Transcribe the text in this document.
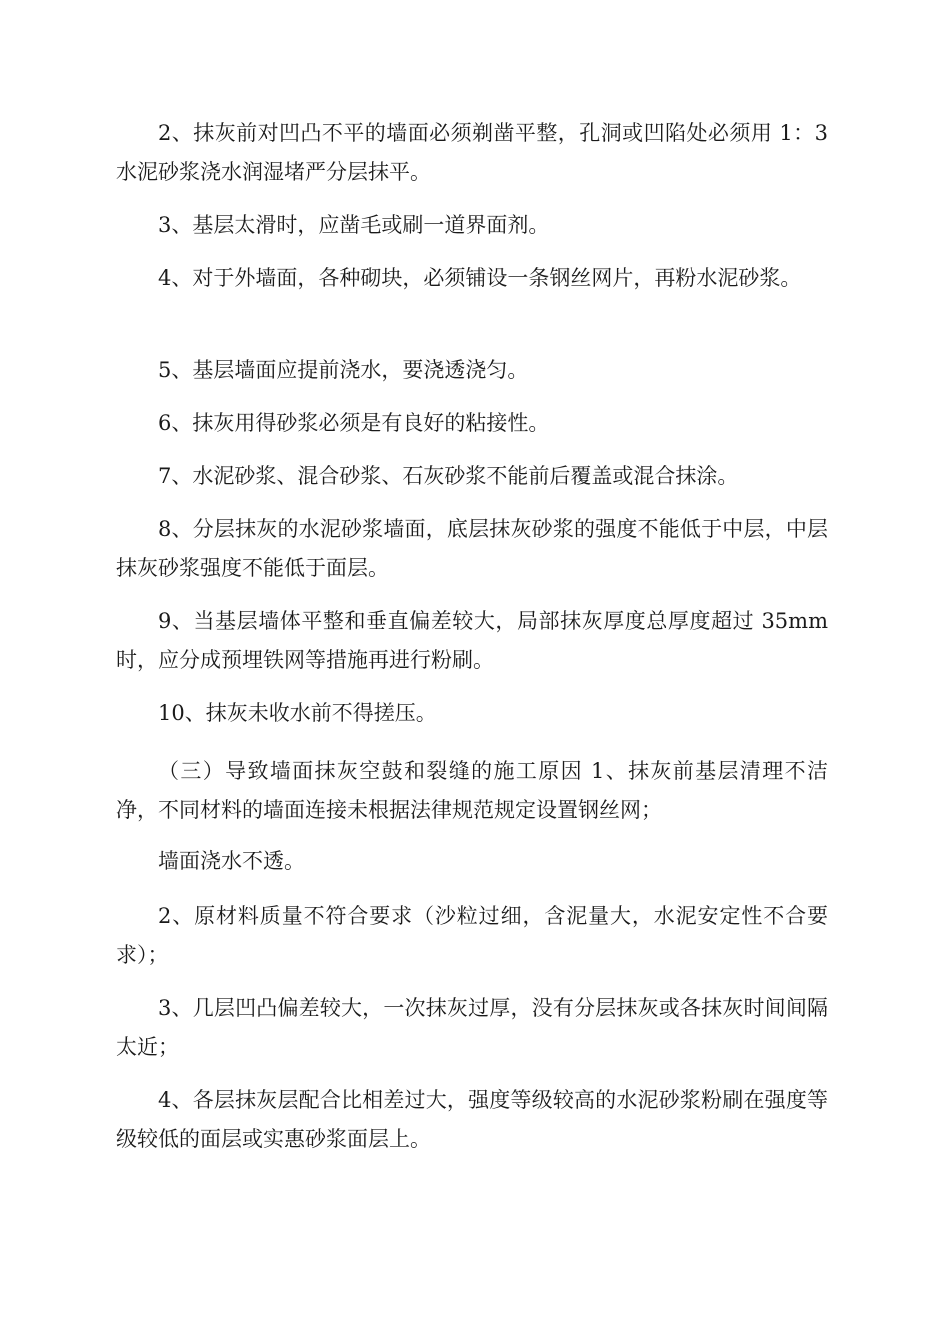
2、抹灰前对凹凸不平的墙面必须剃凿平整，孔洞或凹陷处必须用 1：3 水泥砂浆浇水润湿堵严分层抹平。

3、基层太滑时，应凿毛或刷一道界面剂。

4、对于外墙面，各种砌块，必须铺设一条钢丝网片，再粉水泥砂浆。

5、基层墙面应提前浇水，要浇透浇匀。

6、抹灰用得砂浆必须是有良好的粘接性。

7、水泥砂浆、混合砂浆、石灰砂浆不能前后覆盖或混合抹涂。

8、分层抹灰的水泥砂浆墙面，底层抹灰砂浆的强度不能低于中层，中层抹灰砂浆强度不能低于面层。

9、当基层墙体平整和垂直偏差较大，局部抹灰厚度总厚度超过 35mm 时，应分成预埋铁网等措施再进行粉刷。

10、抹灰未收水前不得搓压。

（三）导致墙面抹灰空鼓和裂缝的施工原因 1、抹灰前基层清理不洁净，不同材料的墙面连接未根据法律规范规定设置钢丝网；

墙面浇水不透。

2、原材料质量不符合要求（沙粒过细，含泥量大，水泥安定性不合要求）；

3、几层凹凸偏差较大，一次抹灰过厚，没有分层抹灰或各抹灰时间间隔太近；

4、各层抹灰层配合比相差过大，强度等级较高的水泥砂浆粉刷在强度等级较低的面层或实惠砂浆面层上。
